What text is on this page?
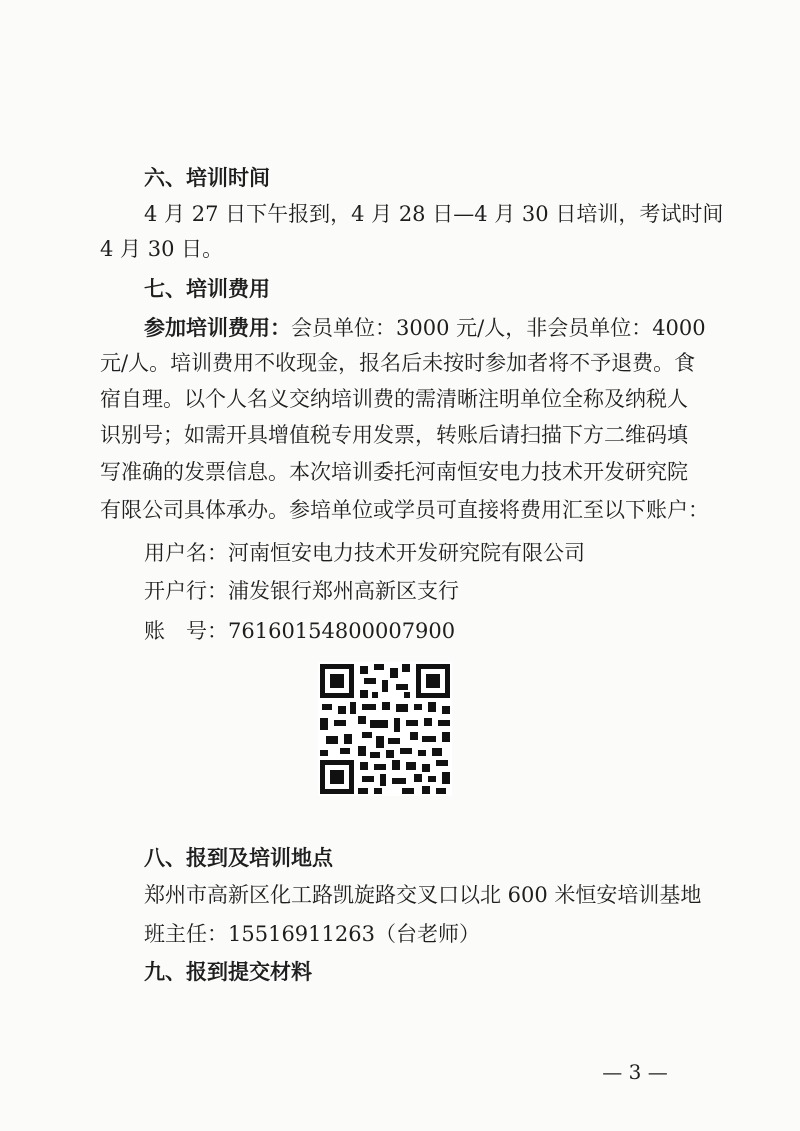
六、培训时间
4 月 27 日下午报到，4 月 28 日—4 月 30 日培训，考试时间
4 月 30 日。
七、培训费用
参加培训费用：会员单位：3000 元/人，非会员单位：4000
元/人。培训费用不收现金，报名后未按时参加者将不予退费。食
宿自理。以个人名义交纳培训费的需清晰注明单位全称及纳税人
识别号；如需开具增值税专用发票，转账后请扫描下方二维码填
写准确的发票信息。本次培训委托河南恒安电力技术开发研究院
有限公司具体承办。参培单位或学员可直接将费用汇至以下账户：
用户名：河南恒安电力技术开发研究院有限公司
开户行：浦发银行郑州高新区支行
账　号：76160154800007900
八、报到及培训地点
郑州市高新区化工路凯旋路交叉口以北 600 米恒安培训基地
班主任：15516911263（台老师）
九、报到提交材料
— 3 —
